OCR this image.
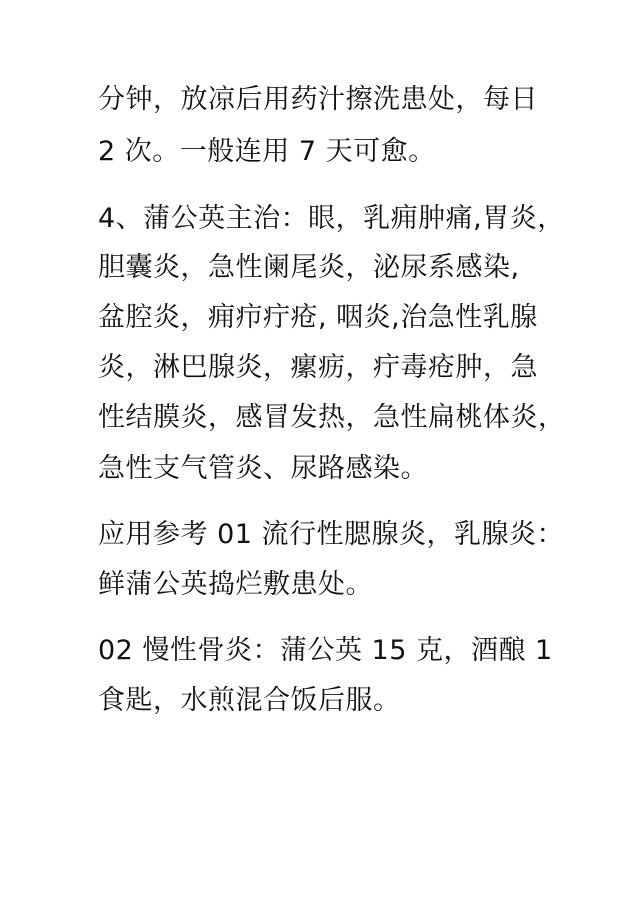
分钟，放凉后用药汁擦洗患处，每日
2 次。一般连用 7 天可愈。
4、蒲公英主治：眼，乳痈肿痛,胃炎，
胆囊炎，急性阑尾炎，泌尿系感染,
盆腔炎，痈疖疔疮, 咽炎,治急性乳腺
炎，淋巴腺炎，瘰疬，疔毒疮肿，急
性结膜炎，感冒发热，急性扁桃体炎，
急性支气管炎、尿路感染。
应用参考 01 流行性腮腺炎，乳腺炎：
鲜蒲公英捣烂敷患处。
02 慢性骨炎：蒲公英 15 克，酒酿 1
食匙，水煎混合饭后服。
